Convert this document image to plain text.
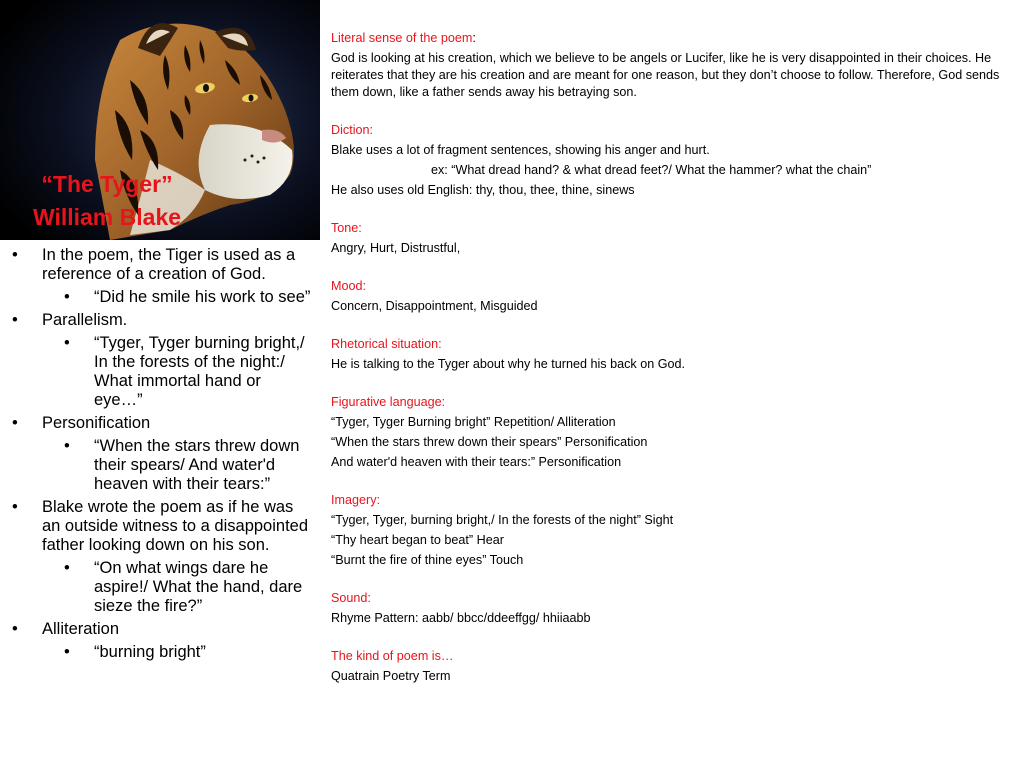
“The Tyger”
William Blake
• In the poem, the Tiger is used as a reference of a creation of God.
• “Did he smile his work to see”
• Parallelism.
• “Tyger, Tyger burning bright,/ In the forests of the night:/ What immortal hand or eye…”
• Personification
• “When the stars threw down their spears/ And water'd heaven with their tears:”
• Blake wrote the poem as if he was an outside witness to a disappointed father looking down on his son.
• “On what wings dare he aspire!/ What the hand, dare sieze the fire?”
• Alliteration
• “burning bright”
Literal sense of the poem:
God is looking at his creation, which we believe to be angels or Lucifer, like he is very disappointed in their choices. He reiterates that they are his creation and are meant for one reason, but they don’t choose to follow. Therefore, God sends them down, like a father sends away his betraying son.
Diction:
Blake uses a lot of fragment sentences, showing his anger and hurt.
ex: “What dread hand? & what dread feet?/ What the hammer? what the chain”
He also uses old English: thy, thou, thee, thine, sinews
Tone:
Angry, Hurt, Distrustful,
Mood:
Concern, Disappointment, Misguided
Rhetorical situation:
He is talking to the Tyger about why he turned his back on God.
Figurative language:
“Tyger, Tyger Burning bright” Repetition/ Alliteration
“When the stars threw down their spears” Personification
And water'd heaven with their tears:” Personification
Imagery:
“Tyger, Tyger, burning bright,/ In the forests of the night” Sight
“Thy heart began to beat” Hear
“Burnt the fire of thine eyes” Touch
Sound:
Rhyme Pattern: aabb/ bbcc/ddeeffgg/ hhiiaabb
The kind of poem is…
Quatrain Poetry Term
